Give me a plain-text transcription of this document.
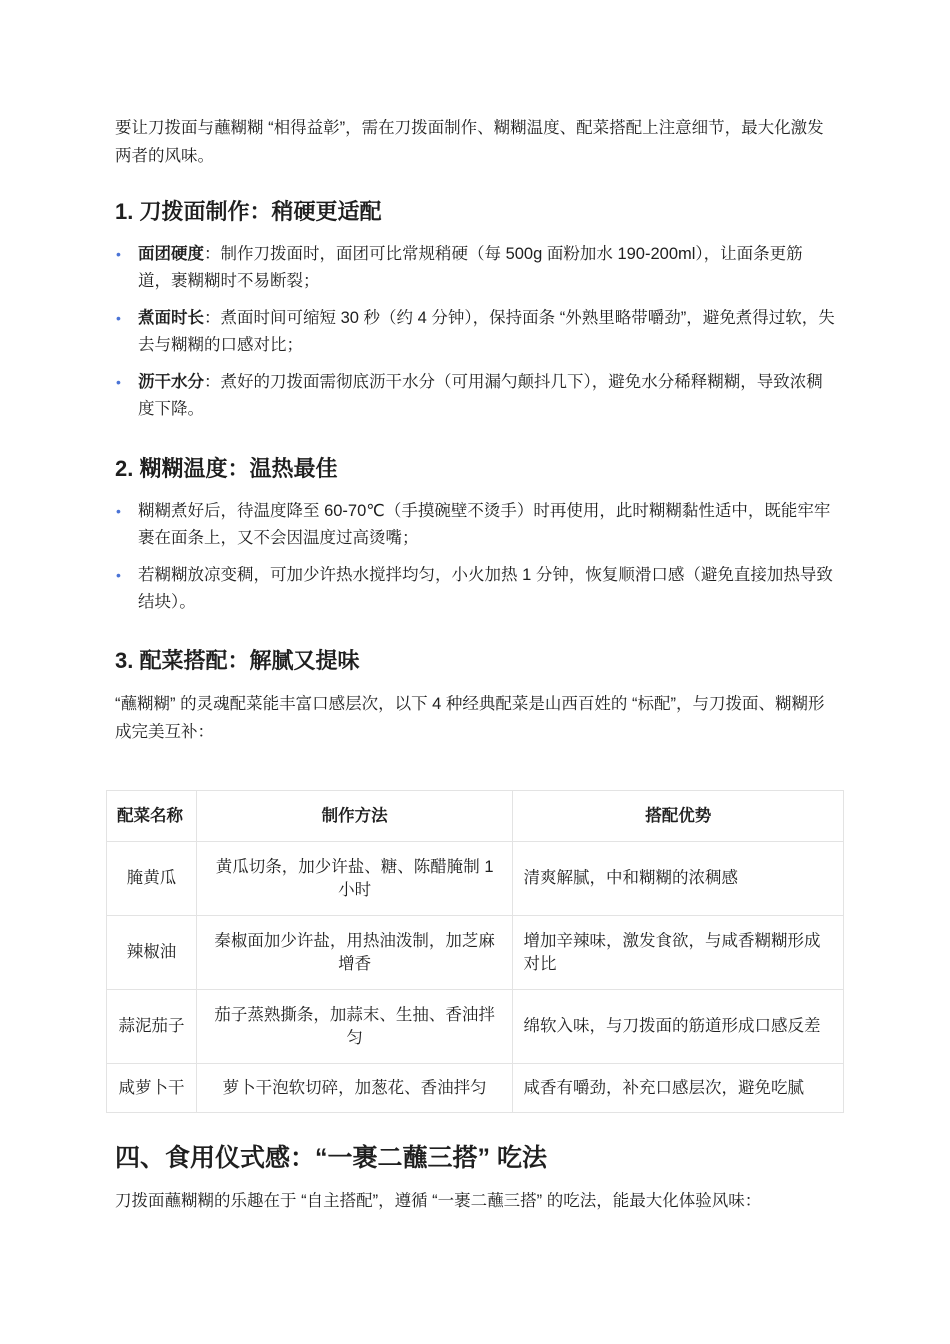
要让刀拨面与蘸糊糊 “相得益彰”，需在刀拨面制作、糊糊温度、配菜搭配上注意细节，最大化激发两者的风味。

1. 刀拨面制作：稍硬更适配
• 面团硬度：制作刀拨面时，面团可比常规稍硬（每 500g 面粉加水 190-200ml），让面条更筋道，裹糊糊时不易断裂；
• 煮面时长：煮面时间可缩短 30 秒（约 4 分钟），保持面条 “外熟里略带嚼劲”，避免煮得过软，失去与糊糊的口感对比；
• 沥干水分：煮好的刀拨面需彻底沥干水分（可用漏勺颠抖几下），避免水分稀释糊糊，导致浓稠度下降。
2. 糊糊温度：温热最佳
• 糊糊煮好后，待温度降至 60-70℃（手摸碗壁不烫手）时再使用，此时糊糊黏性适中，既能牢牢裹在面条上，又不会因温度过高烫嘴；
• 若糊糊放凉变稠，可加少许热水搅拌均匀，小火加热 1 分钟，恢复顺滑口感（避免直接加热导致结块）。
3. 配菜搭配：解腻又提味

“蘸糊糊” 的灵魂配菜能丰富口感层次，以下 4 种经典配菜是山西百姓的 “标配”，与刀拨面、糊糊形成完美互补：

配菜名称	制作方法	搭配优势
腌黄瓜	黄瓜切条，加少许盐、糖、陈醋腌制 1 小时	清爽解腻，中和糊糊的浓稠感
辣椒油	秦椒面加少许盐，用热油泼制，加芝麻增香	增加辛辣味，激发食欲，与咸香糊糊形成对比
蒜泥茄子	茄子蒸熟撕条，加蒜末、生抽、香油拌匀	绵软入味，与刀拨面的筋道形成口感反差
咸萝卜干	萝卜干泡软切碎，加葱花、香油拌匀	咸香有嚼劲，补充口感层次，避免吃腻
四、食用仪式感：“一裹二蘸三搭” 吃法

刀拨面蘸糊糊的乐趣在于 “自主搭配”，遵循 “一裹二蘸三搭” 的吃法，能最大化体验风味：
